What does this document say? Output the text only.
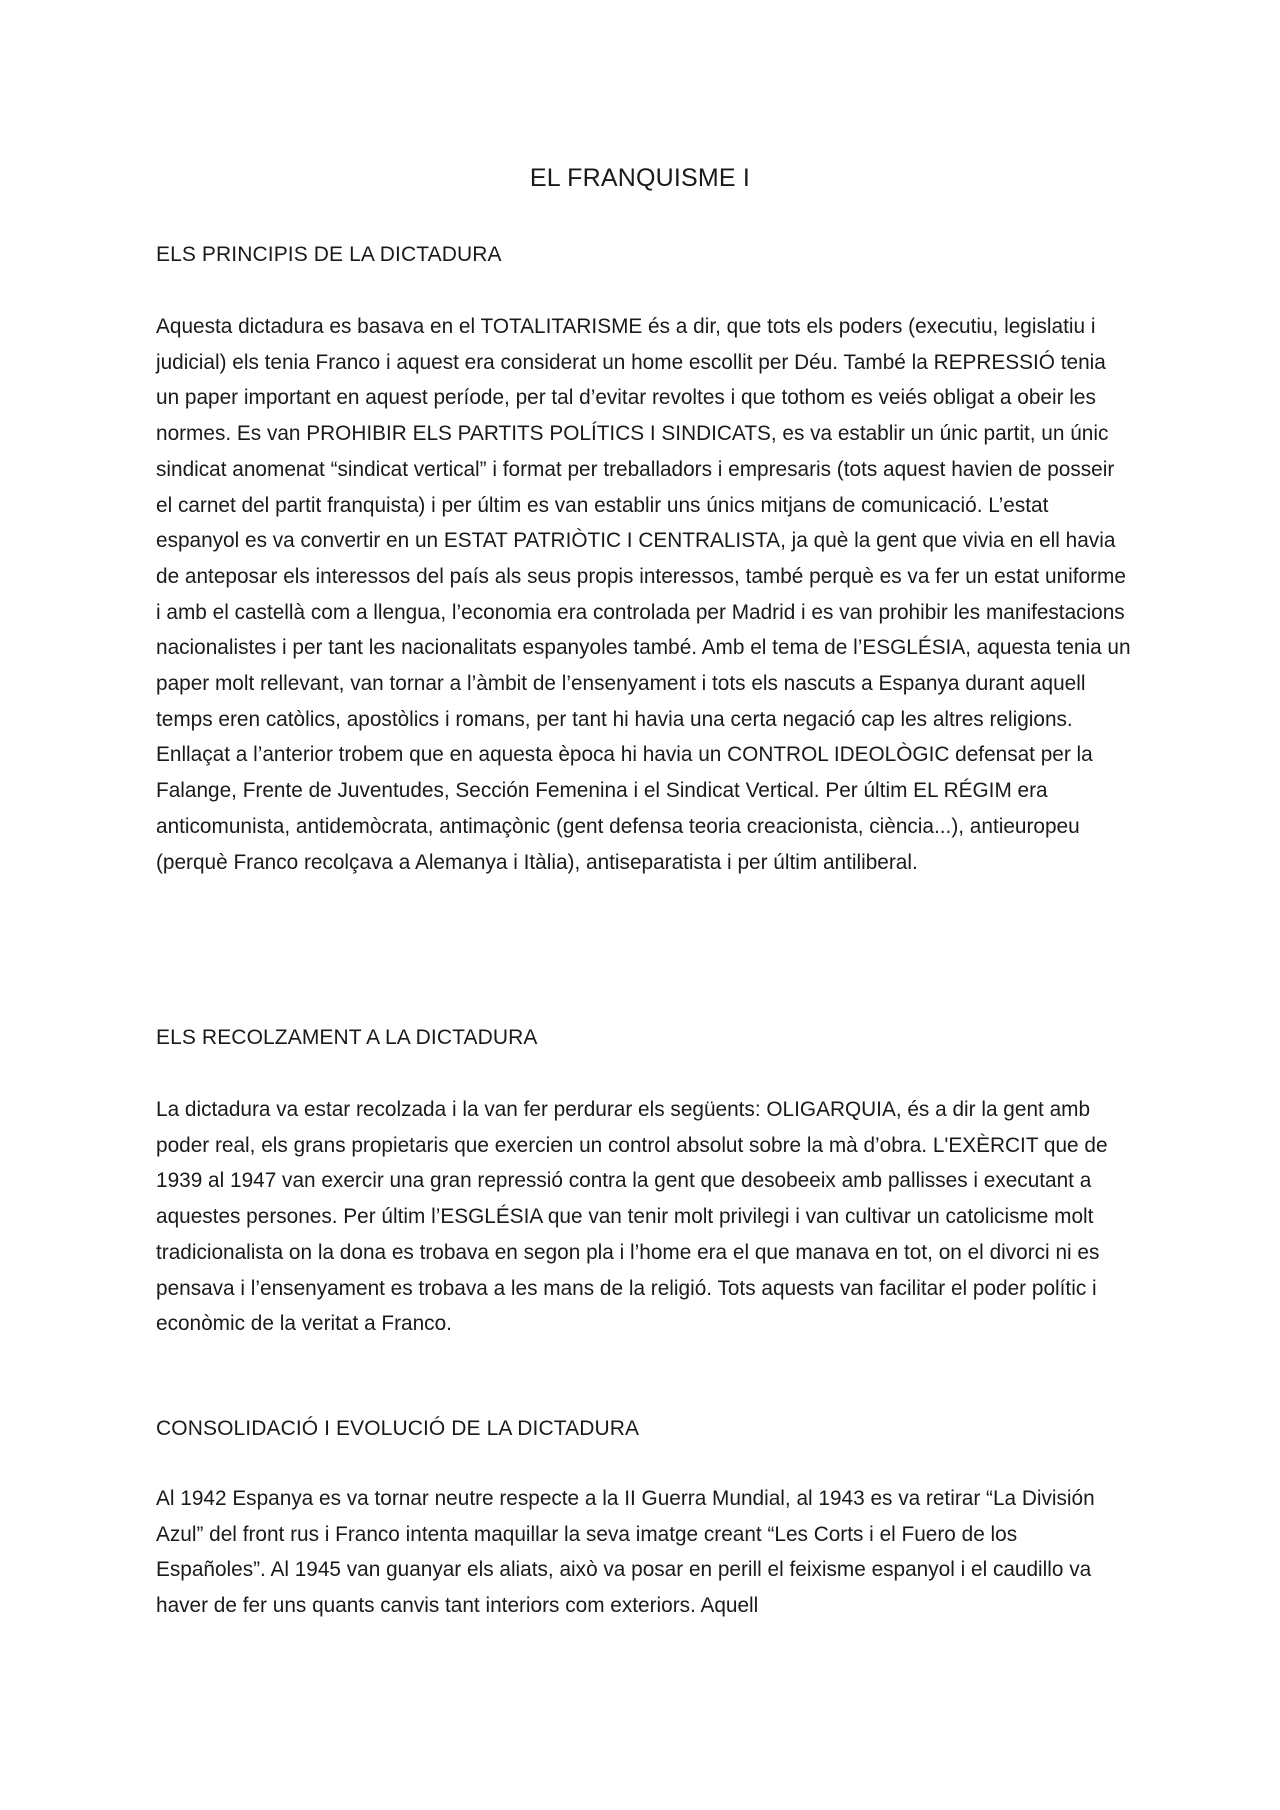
EL FRANQUISME I
ELS PRINCIPIS DE LA DICTADURA

Aquesta dictadura es basava en el TOTALITARISME és a dir, que tots els poders (executiu, legislatiu i judicial) els tenia Franco i aquest era considerat un home escollit per Déu. També la REPRESSIÓ tenia un paper important en aquest període, per tal d’evitar revoltes i que tothom es veiés obligat a obeir les normes. Es van PROHIBIR ELS PARTITS POLÍTICS I SINDICATS, es va establir un únic partit, un únic sindicat anomenat “sindicat vertical” i format per treballadors i empresaris (tots aquest havien de posseir el carnet del partit franquista) i per últim es van establir uns únics mitjans de comunicació. L’estat espanyol es va convertir en un ESTAT PATRIÒTIC I CENTRALISTA, ja què la gent que vivia en ell havia de anteposar els interessos del país als seus propis interessos, també perquè es va fer un estat uniforme i amb el castellà com a llengua, l’economia era controlada per Madrid i es van prohibir les manifestacions nacionalistes i per tant les nacionalitats espanyoles també. Amb el tema de l’ESGLÉSIA, aquesta tenia un paper molt rellevant, van tornar a l’àmbit de l’ensenyament i tots els nascuts a Espanya durant aquell temps eren catòlics, apostòlics i romans, per tant hi havia una certa negació cap les altres religions. Enllaçat a l’anterior trobem que en aquesta època hi havia un CONTROL IDEOLÒGIC defensat per la Falange, Frente de Juventudes, Sección Femenina i el Sindicat Vertical. Per últim EL RÉGIM era anticomunista, antidemòcrata, antimaçònic (gent defensa teoria creacionista, ciència...), antieuropeu (perquè Franco recolçava a Alemanya i Itàlia), antiseparatista i per últim antiliberal.

ELS RECOLZAMENT A LA DICTADURA

La dictadura va estar recolzada i la van fer perdurar els següents: OLIGARQUIA, és a dir la gent amb poder real, els grans propietaris que exercien un control absolut sobre la mà d’obra. L'EXÈRCIT que de 1939 al 1947 van exercir una gran repressió contra la gent que desobeeix amb pallisses i executant a aquestes persones. Per últim l’ESGLÉSIA que van tenir molt privilegi i van cultivar un catolicisme molt tradicionalista on la dona es trobava en segon pla i l’home era el que manava en tot, on el divorci ni es pensava i l’ensenyament es trobava a les mans de la religió. Tots aquests van facilitar el poder polític i econòmic de la veritat a Franco.

CONSOLIDACIÓ I EVOLUCIÓ DE LA DICTADURA

Al 1942 Espanya es va tornar neutre respecte a la II Guerra Mundial, al 1943 es va retirar “La División Azul” del front rus i Franco intenta maquillar la seva imatge creant “Les Corts i el Fuero de los Españoles”. Al 1945 van guanyar els aliats, això va posar en perill el feixisme espanyol i el caudillo va haver de fer uns quants canvis tant interiors com exteriors. Aquell
